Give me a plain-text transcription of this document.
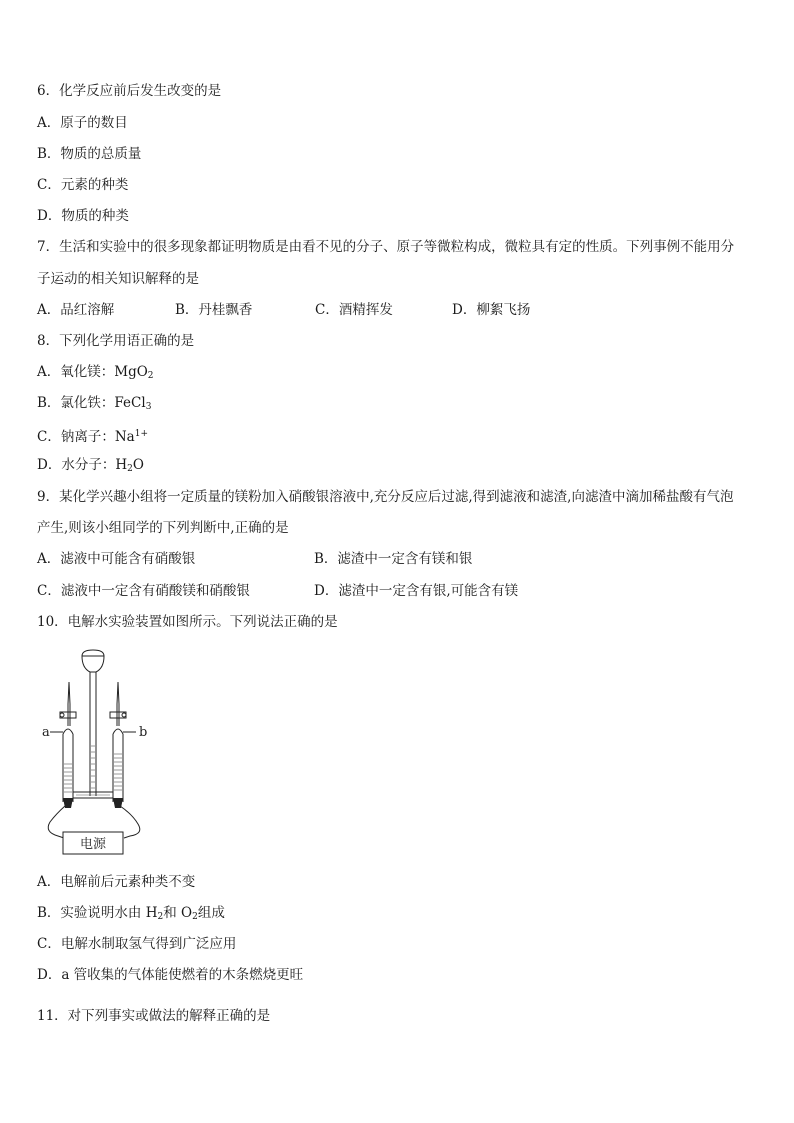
6．化学反应前后发生改变的是
A．原子的数目
B．物质的总质量
C．元素的种类
D．物质的种类
7．生活和实验中的很多现象都证明物质是由看不见的分子、原子等微粒构成，微粒具有定的性质。下列事例不能用分
子运动的相关知识解释的是
A．品红溶解	B．丹桂飘香	C．酒精挥发	D．柳絮飞扬
8．下列化学用语正确的是
A．氧化镁：MgO$_2$
B．氯化铁：FeCl$_3$
C．钠离子：$Na^{1+}$
D．水分子：$H_2O$
9．某化学兴趣小组将一定质量的镁粉加入硝酸银溶液中,充分反应后过滤,得到滤液和滤渣,向滤渣中滴加稀盐酸有气泡
产生,则该小组同学的下列判断中,正确的是
A．滤液中可能含有硝酸银	B．滤渣中一定含有镁和银
C．滤液中一定含有硝酸镁和硝酸银	D．滤渣中一定含有银,可能含有镁
10．电解水实验装置如图所示。下列说法正确的是
a	b
电源
A．电解前后元素种类不变
B．实验说明水由 $H_2$和 $O_2$组成
C．电解水制取氢气得到广泛应用
D．a 管收集的气体能使燃着的木条燃烧更旺
11．对下列事实或做法的解释正确的是
